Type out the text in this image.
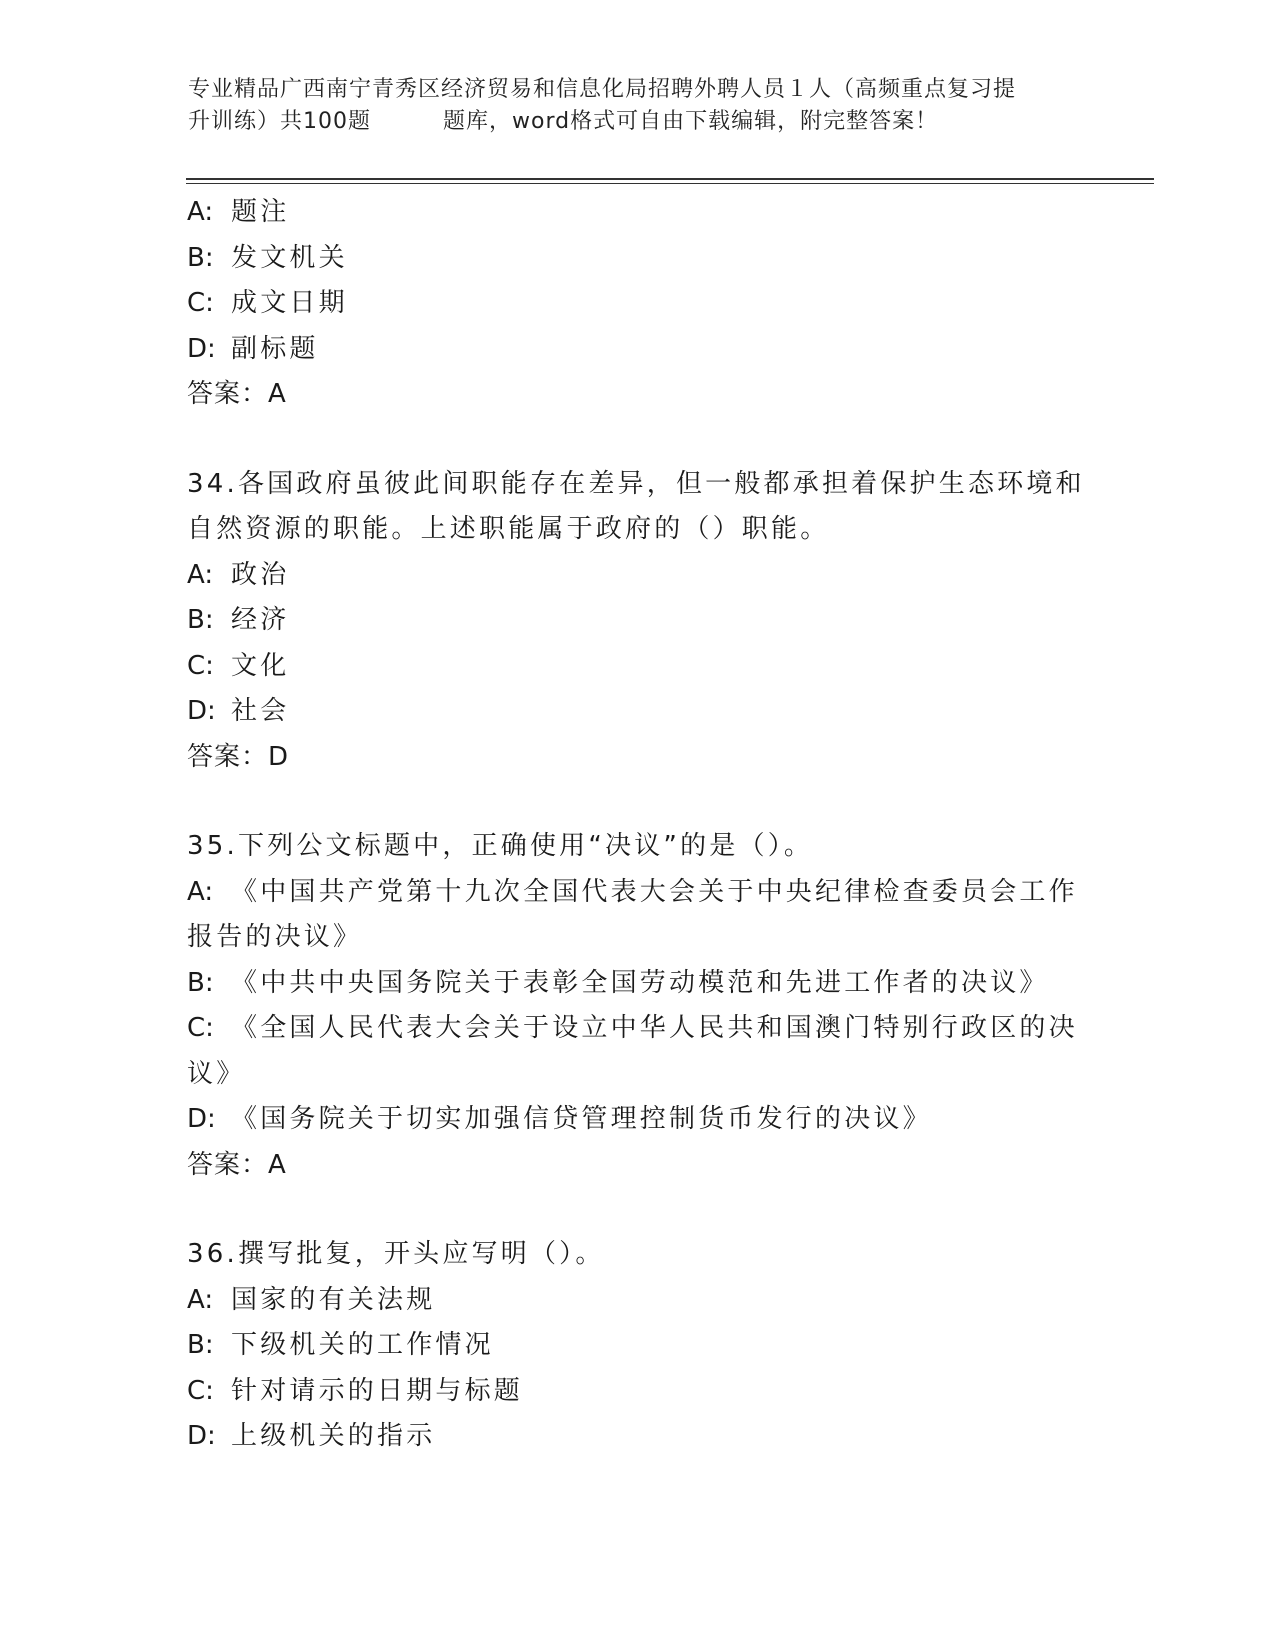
专业精品广西南宁青秀区经济贸易和信息化局招聘外聘人员１人（高频重点复习提
升训练）共100题	题库，word格式可自由下载编辑，附完整答案！
A: 题注
B: 发文机关
C: 成文日期
D: 副标题
答案：A
34.各国政府虽彼此间职能存在差异，但一般都承担着保护生态环境和
自然资源的职能。上述职能属于政府的（）职能。
A: 政治
B: 经济
C: 文化
D: 社会
答案：D
35.下列公文标题中，正确使用“决议”的是（）。
A: 《中国共产党第十九次全国代表大会关于中央纪律检查委员会工作
报告的决议》
B: 《中共中央国务院关于表彰全国劳动模范和先进工作者的决议》
C: 《全国人民代表大会关于设立中华人民共和国澳门特别行政区的决
议》
D: 《国务院关于切实加强信贷管理控制货币发行的决议》
答案：A
36.撰写批复，开头应写明（）。
A: 国家的有关法规
B: 下级机关的工作情况
C: 针对请示的日期与标题
D: 上级机关的指示
